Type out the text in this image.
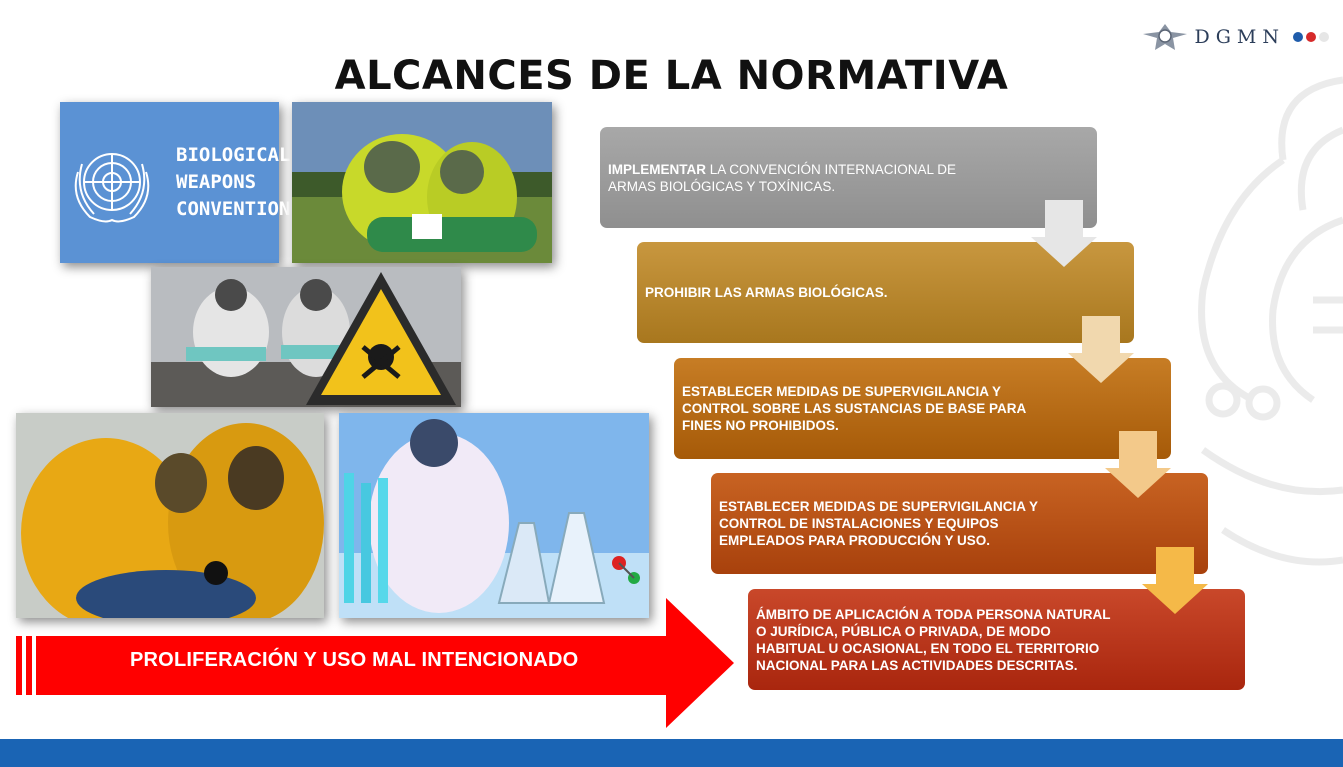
ALCANCES DE LA NORMATIVA
DGMN
BIOLOGICAL
WEAPONS
CONVENTION
PROLIFERACIÓN Y USO MAL INTENCIONADO
IMPLEMENTAR LA CONVENCIÓN INTERNACIONAL DE ARMAS BIOLÓGICAS Y TOXÍNICAS.
PROHIBIR LAS ARMAS BIOLÓGICAS.
ESTABLECER MEDIDAS DE SUPERVIGILANCIA Y CONTROL SOBRE LAS SUSTANCIAS DE BASE PARA FINES NO PROHIBIDOS.
ESTABLECER MEDIDAS DE SUPERVIGILANCIA Y CONTROL DE INSTALACIONES Y EQUIPOS EMPLEADOS PARA PRODUCCIÓN Y USO.
ÁMBITO DE APLICACIÓN A TODA PERSONA NATURAL O JURÍDICA, PÚBLICA O PRIVADA, DE MODO HABITUAL U OCASIONAL, EN TODO EL TERRITORIO NACIONAL PARA LAS ACTIVIDADES DESCRITAS.
